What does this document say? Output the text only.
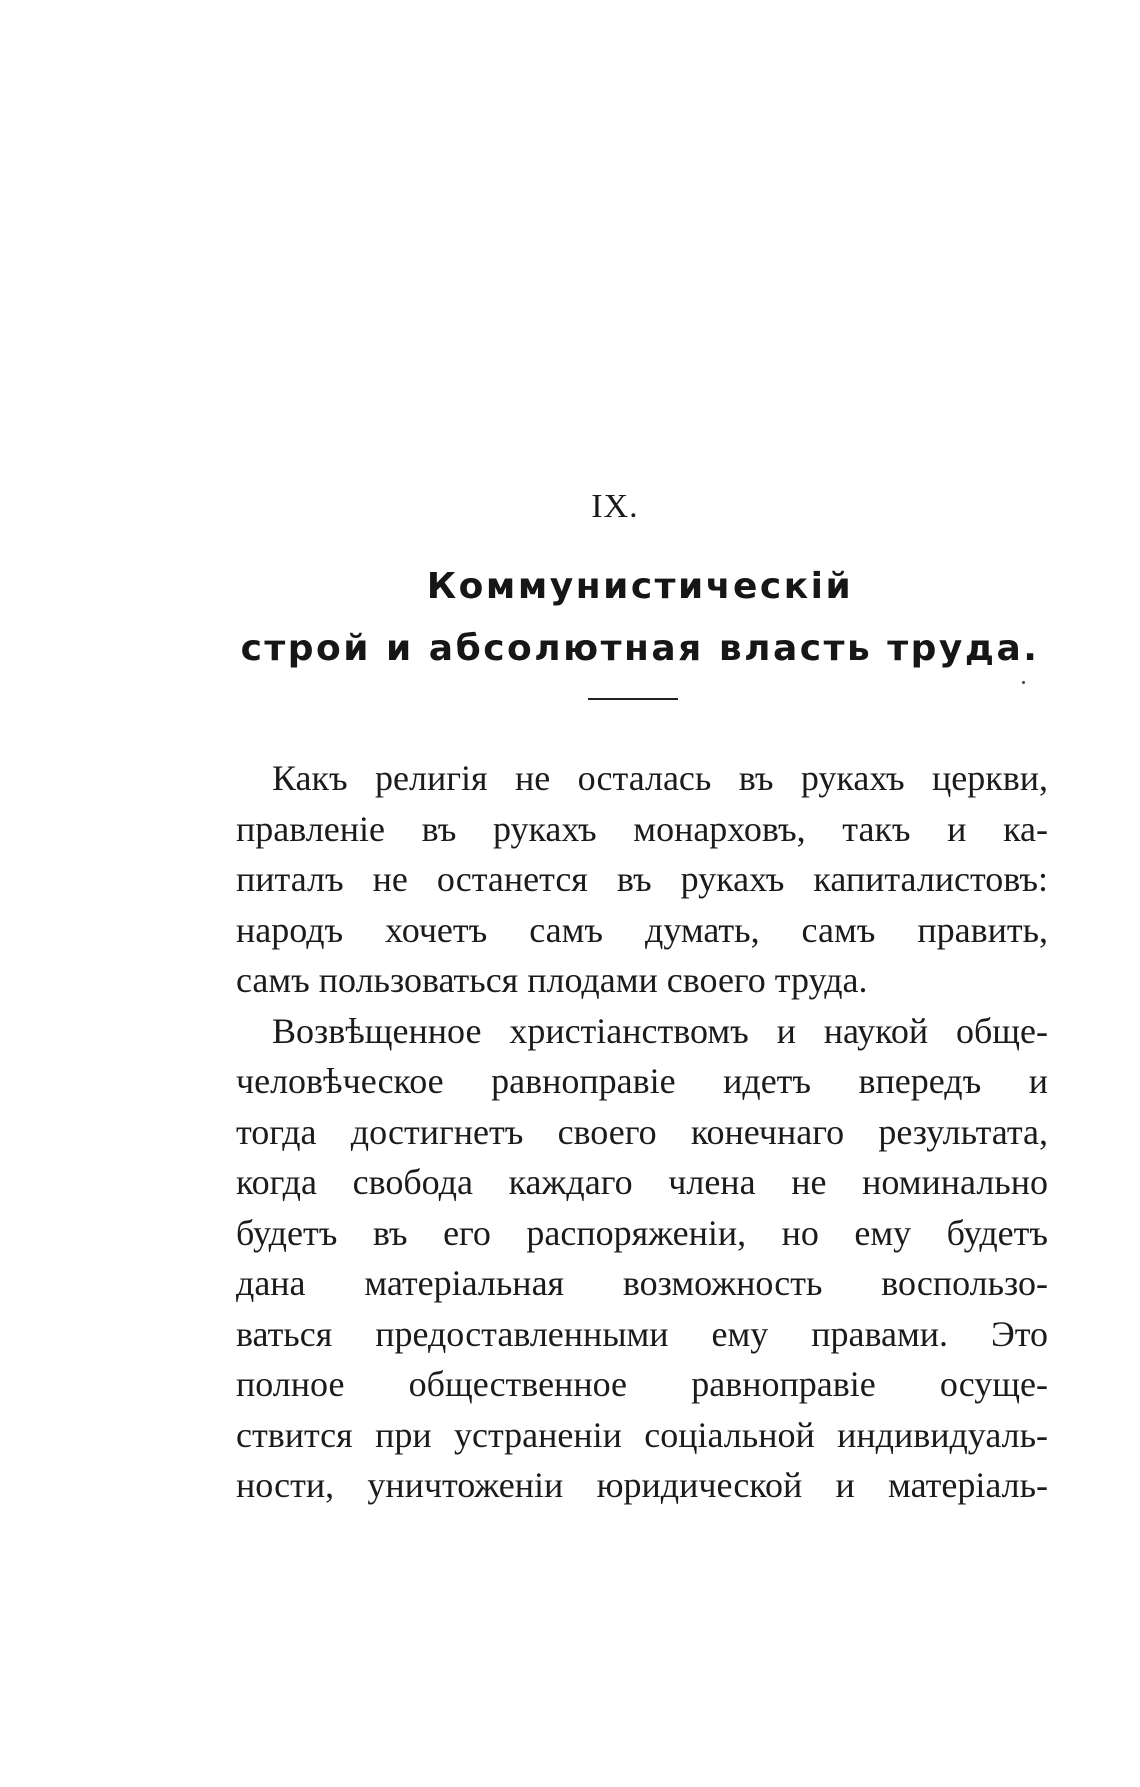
IX.
Коммунистическій
строй и абсолютная власть труда.
Какъ религія не осталась въ рукахъ церкви,
правленіе въ рукахъ монарховъ, такъ и ка-
питалъ не останется въ рукахъ капиталистовъ:
народъ хочетъ самъ думать, самъ править,
самъ пользоваться плодами своего труда.
Возвѣщенное христіанствомъ и наукой обще-
человѣческое равноправіе идетъ впередъ и
тогда достигнетъ своего конечнаго результата,
когда свобода каждаго члена не номинально
будетъ въ его распоряженіи, но ему будетъ
дана матеріальная возможность воспользо-
ваться предоставленными ему правами. Это
полное общественное равноправіе осуще-
ствится при устраненіи соціальной индивидуаль-
ности, уничтоженіи юридической и матеріаль-
